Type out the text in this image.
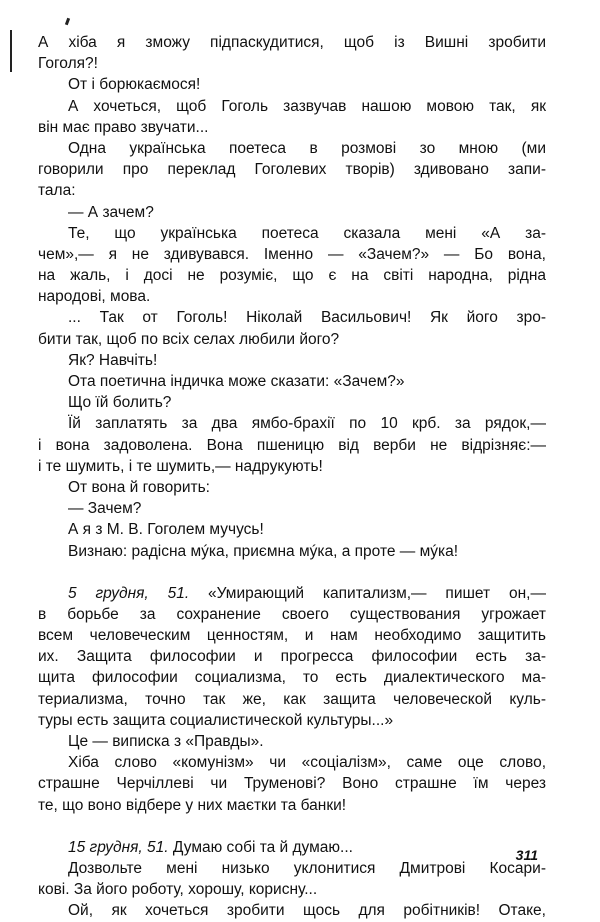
А хіба я зможу підпаскудитися, щоб із Вишні зробити
Гоголя?!
От і борюкаємося!
А хочеться, щоб Гоголь зазвучав нашою мовою так, як
він має право звучати...
Одна українська поетеса в розмові зо мною (ми
говорили про переклад Гоголевих творів) здивовано запи-
тала:
— А зачем?
Те, що українська поетеса сказала мені «А за-
чем»,— я не здивувався. Іменно — «Зачем?» — Бо вона,
на жаль, і досі не розуміє, що є на світі народна, рідна
народові, мова.
... Так от Гоголь! Ніколай Васильович! Як його зро-
бити так, щоб по всіх селах любили його?
Як? Навчіть!
Ота поетична індичка може сказати: «Зачем?»
Що їй болить?
Їй заплатять за два ямбо-брахії по 10 крб. за рядок,—
і вона задоволена. Вона пшеницю від верби не відрізняє:—
і те шумить, і те шумить,— надрукують!
От вона й говорить:
— Зачем?
А я з М. В. Гоголем мучусь!
Визнаю: радісна мýка, приємна мýка, а проте — мýка!
5 грудня, 51. «Умирающий капитализм,— пишет он,—
в борьбе за сохранение своего существования угрожает
всем человеческим ценностям, и нам необходимо защитить
их. Защита философии и прогресса философии есть за-
щита философии социализма, то есть диалектического ма-
териализма, точно так же, как защита человеческой куль-
туры есть защита социалистической культуры...»
Це — виписка з «Правды».
Хіба слово «комунізм» чи «соціалізм», саме оце слово,
страшне Черчіллеві чи Труменові? Воно страшне їм через
те, що воно відбере у них маєтки та банки!
15 грудня, 51. Думаю собі та й думаю...
Дозвольте мені низько уклонитися Дмитрові Косари-
кові. За його роботу, хорошу, корисну...
Ой, як хочеться зробити щось для робітників! Отаке,
311
